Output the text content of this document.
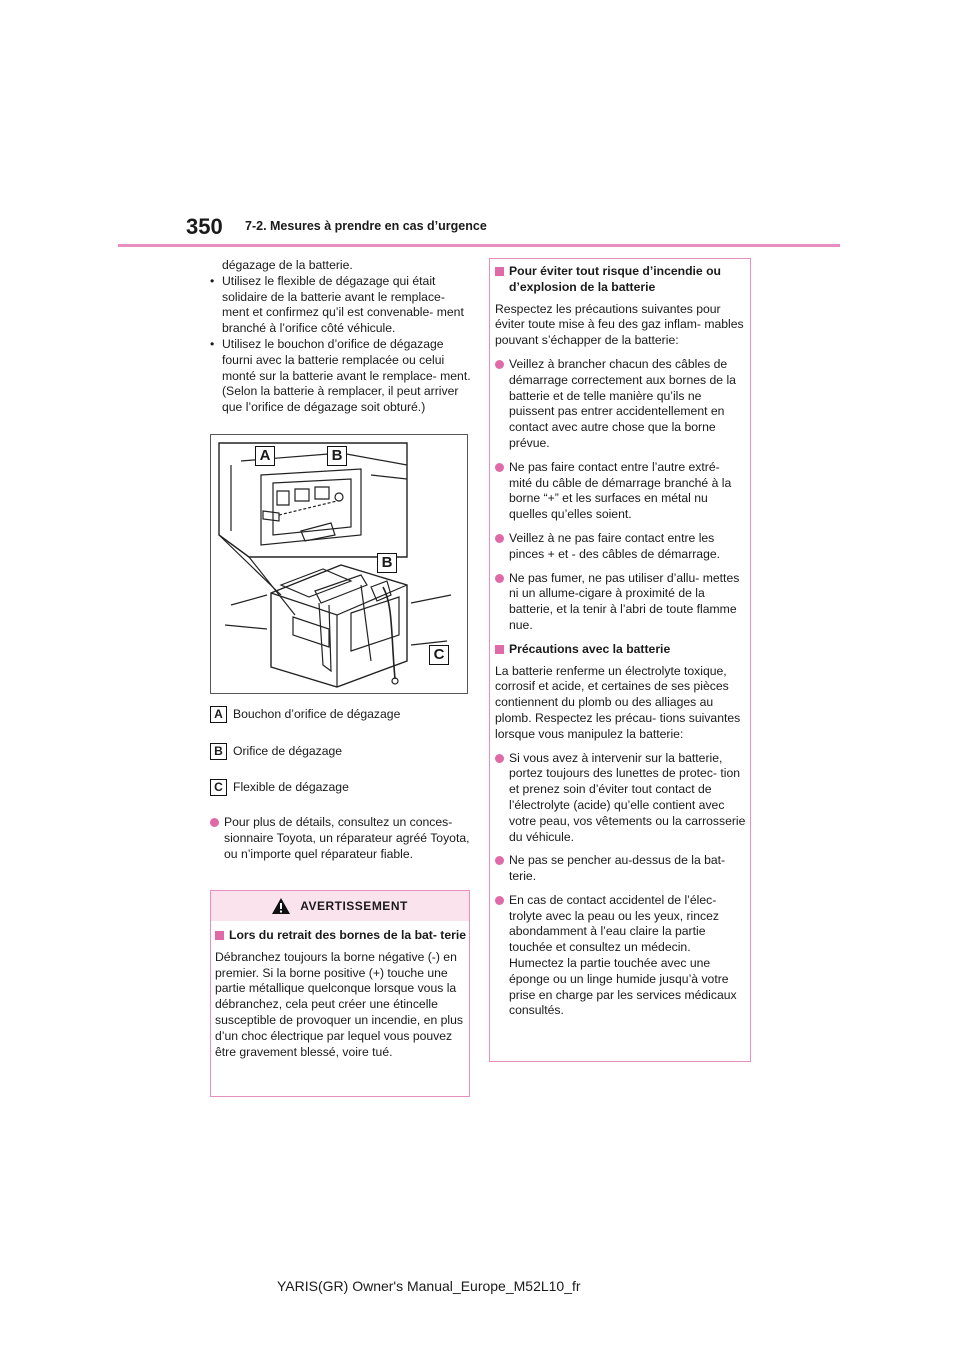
350 7-2. Mesures à prendre en cas d’urgence

dégazage de la batterie.

• Utilisez le flexible de dégazage qui était solidaire de la batterie avant le remplace- ment et confirmez qu’il est convenable- ment branché à l’orifice côté véhicule.
• Utilisez le bouchon d’orifice de dégazage fourni avec la batterie remplacée ou celui monté sur la batterie avant le remplace- ment. (Selon la batterie à remplacer, il peut arriver que l’orifice de dégazage soit obturé.)
A	B
B
C
A Bouchon d’orifice de dégazage
B Orifice de dégazage
C Flexible de dégazage

Pour plus de détails, consultez un conces- sionnaire Toyota, un réparateur agréé Toyota, ou n’importe quel réparateur fiable.

AVERTISSEMENT

Lors du retrait des bornes de la bat- terie

Débranchez toujours la borne négative (-) en premier. Si la borne positive (+) touche une partie métallique quelconque lorsque vous la débranchez, cela peut créer une étincelle susceptible de provoquer un incendie, en plus d’un choc électrique par lequel vous pouvez être gravement blessé, voire tué.

Pour éviter tout risque d’incendie ou d’explosion de la batterie

Respectez les précautions suivantes pour éviter toute mise à feu des gaz inflam- mables pouvant s’échapper de la batterie:

Veillez à brancher chacun des câbles de démarrage correctement aux bornes de la batterie et de telle manière qu’ils ne puissent pas entrer accidentellement en contact avec autre chose que la borne prévue.

Ne pas faire contact entre l’autre extré- mité du câble de démarrage branché à la borne “+” et les surfaces en métal nu quelles qu’elles soient.

Veillez à ne pas faire contact entre les pinces + et - des câbles de démarrage.

Ne pas fumer, ne pas utiliser d’allu- mettes ni un allume-cigare à proximité de la batterie, et la tenir à l’abri de toute flamme nue.

Précautions avec la batterie

La batterie renferme un électrolyte toxique, corrosif et acide, et certaines de ses pièces contiennent du plomb ou des alliages au plomb. Respectez les précau- tions suivantes lorsque vous manipulez la batterie:

Si vous avez à intervenir sur la batterie, portez toujours des lunettes de protec- tion et prenez soin d’éviter tout contact de l’électrolyte (acide) qu’elle contient avec votre peau, vos vêtements ou la carrosserie du véhicule.

Ne pas se pencher au-dessus de la bat- terie.

En cas de contact accidentel de l’élec- trolyte avec la peau ou les yeux, rincez abondamment à l’eau claire la partie touchée et consultez un médecin. Humectez la partie touchée avec une éponge ou un linge humide jusqu’à votre prise en charge par les services médicaux consultés.

YARIS(GR) Owner's Manual_Europe_M52L10_fr
